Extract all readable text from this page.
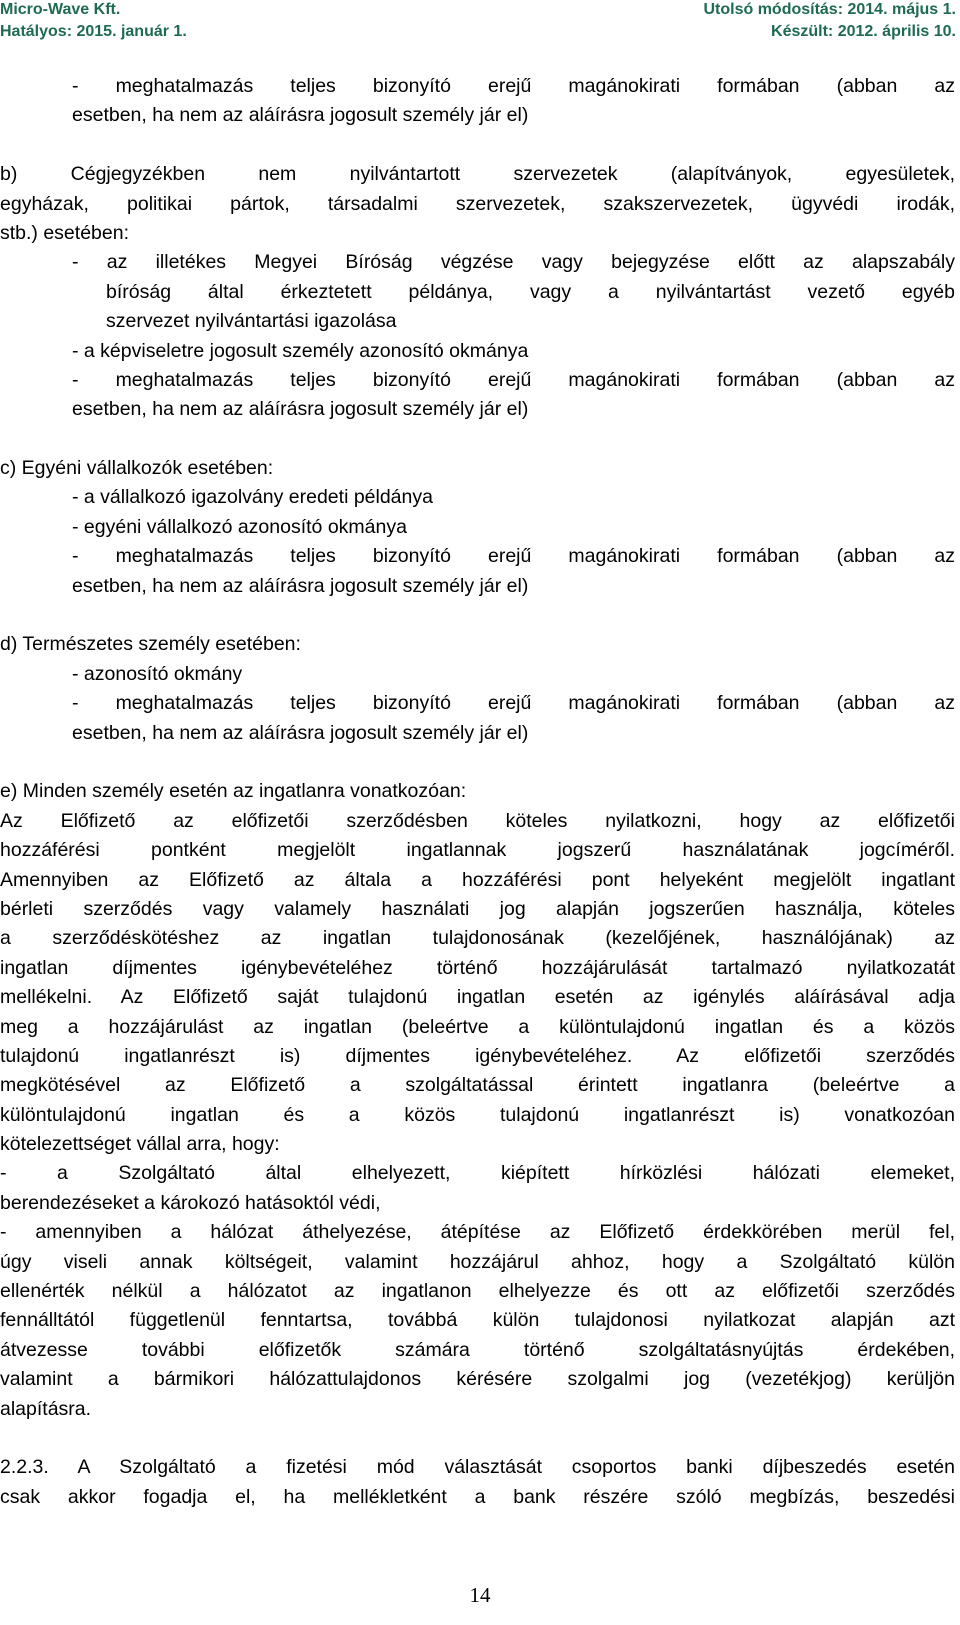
Micro-Wave Kft.	Utolsó módosítás: 2014. május 1.
Hatályos: 2015. január 1.	Készült: 2012. április 10.
- meghatalmazás teljes bizonyító erejű magánokirati formában (abban az
esetben, ha nem az aláírásra jogosult személy jár el)
b) Cégjegyzékben nem nyilvántartott szervezetek (alapítványok, egyesületek,
egyházak, politikai pártok, társadalmi szervezetek, szakszervezetek, ügyvédi irodák,
stb.) esetében:
- az illetékes Megyei Bíróság végzése vagy bejegyzése előtt az alapszabály
bíróság által érkeztetett példánya, vagy a nyilvántartást vezető egyéb
szervezet nyilvántartási igazolása
- a képviseletre jogosult személy azonosító okmánya
- meghatalmazás teljes bizonyító erejű magánokirati formában (abban az
esetben, ha nem az aláírásra jogosult személy jár el)
c) Egyéni vállalkozók esetében:
- a vállalkozó igazolvány eredeti példánya
- egyéni vállalkozó azonosító okmánya
- meghatalmazás teljes bizonyító erejű magánokirati formában (abban az
esetben, ha nem az aláírásra jogosult személy jár el)
d) Természetes személy esetében:
- azonosító okmány
- meghatalmazás teljes bizonyító erejű magánokirati formában (abban az
esetben, ha nem az aláírásra jogosult személy jár el)
e) Minden személy esetén az ingatlanra vonatkozóan:
Az Előfizető az előfizetői szerződésben köteles nyilatkozni, hogy az előfizetői
hozzáférési pontként megjelölt ingatlannak jogszerű használatának jogcíméről.
Amennyiben az Előfizető az általa a hozzáférési pont helyeként megjelölt ingatlant
bérleti szerződés vagy valamely használati jog alapján jogszerűen használja, köteles
a szerződéskötéshez az ingatlan tulajdonosának (kezelőjének, használójának) az
ingatlan díjmentes igénybevételéhez történő hozzájárulását tartalmazó nyilatkozatát
mellékelni. Az Előfizető saját tulajdonú ingatlan esetén az igénylés aláírásával adja
meg a hozzájárulást az ingatlan (beleértve a különtulajdonú ingatlan és a közös
tulajdonú ingatlanrészt is) díjmentes igénybevételéhez. Az előfizetői szerződés
megkötésével az Előfizető a szolgáltatással érintett ingatlanra (beleértve a
különtulajdonú ingatlan és a közös tulajdonú ingatlanrészt is) vonatkozóan
kötelezettséget vállal arra, hogy:
- a Szolgáltató által elhelyezett, kiépített hírközlési hálózati elemeket,
berendezéseket a károkozó hatásoktól védi,
- amennyiben a hálózat áthelyezése, átépítése az Előfizető érdekkörében merül fel,
úgy viseli annak költségeit, valamint hozzájárul ahhoz, hogy a Szolgáltató külön
ellenérték nélkül a hálózatot az ingatlanon elhelyezze és ott az előfizetői szerződés
fennálltától függetlenül fenntartsa, továbbá külön tulajdonosi nyilatkozat alapján azt
átvezesse további előfizetők számára történő szolgáltatásnyújtás érdekében,
valamint a bármikori hálózattulajdonos kérésére szolgalmi jog (vezetékjog) kerüljön
alapításra.
2.2.3. A Szolgáltató a fizetési mód választását csoportos banki díjbeszedés esetén
csak akkor fogadja el, ha mellékletként a bank részére szóló megbízás, beszedési
14
